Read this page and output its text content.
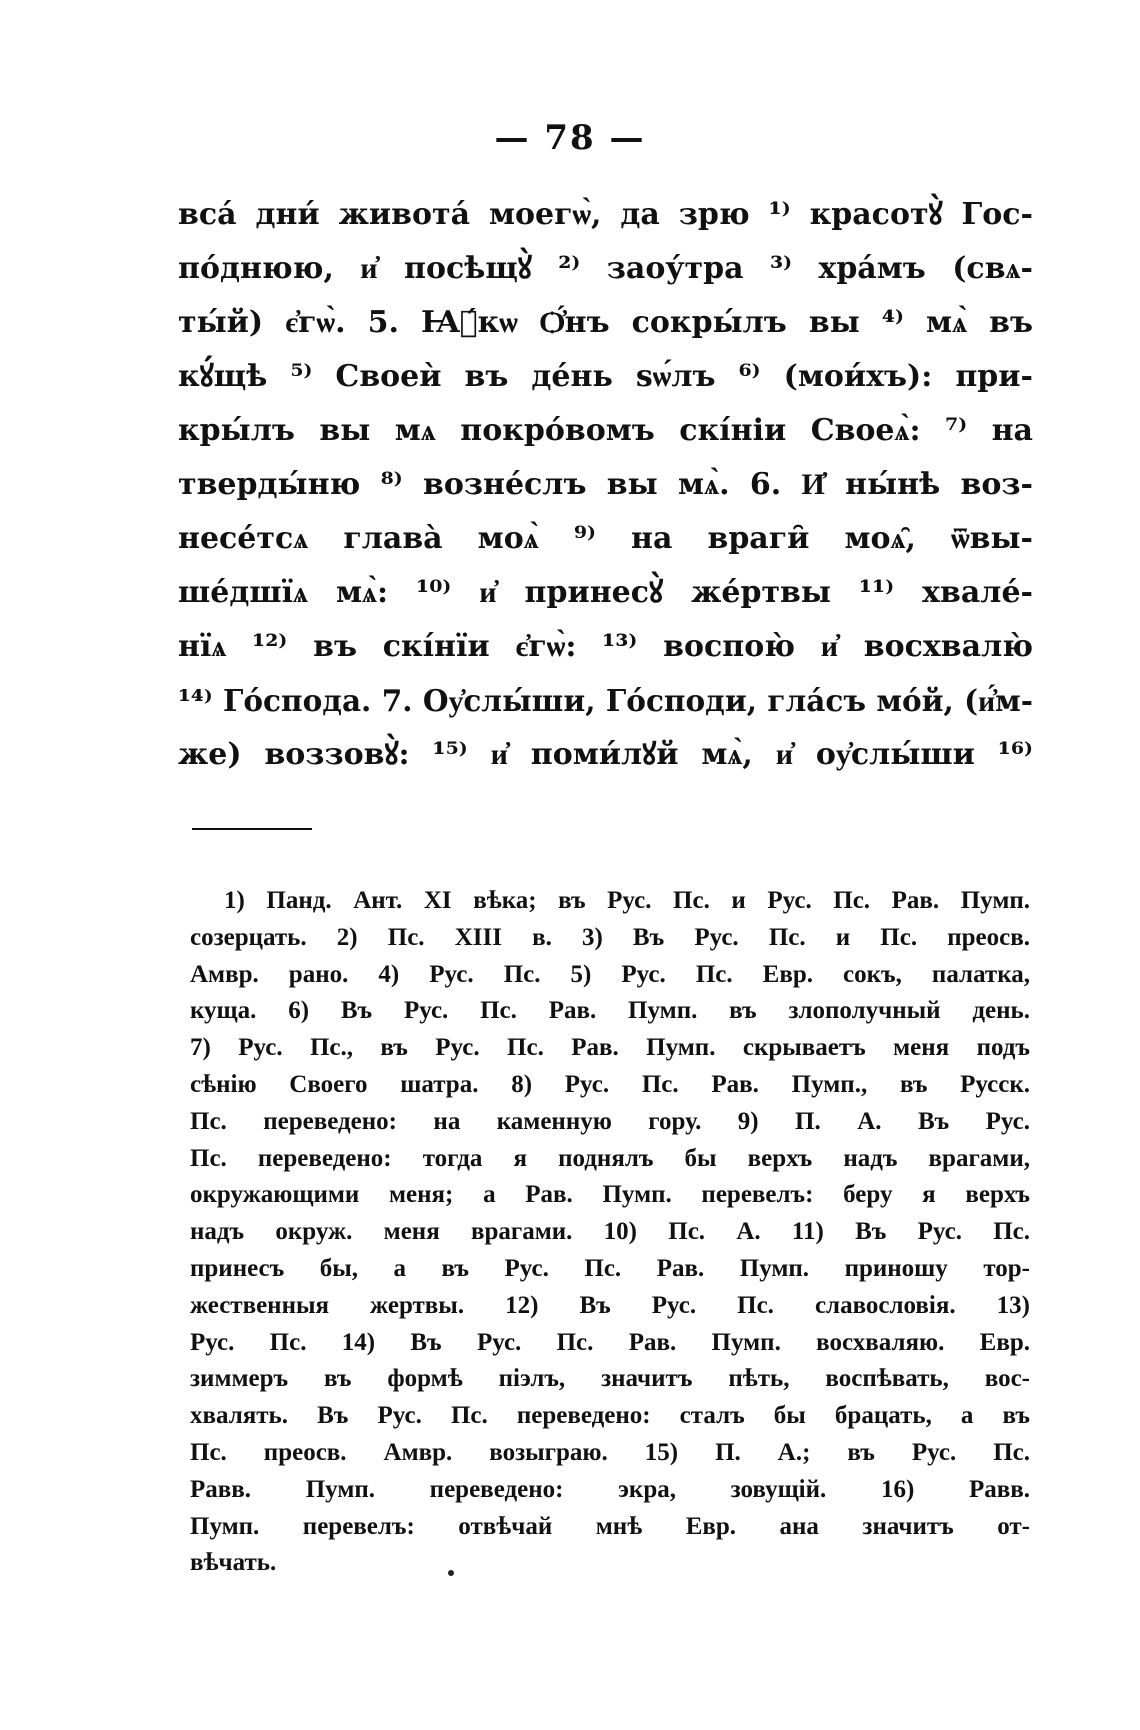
— 78 —
вса́ дни́ живота́ моегѡ̀, да зрю ¹⁾ красотꙋ̀ Гос-
по́днюю, и҆ посѣщꙋ̀ ²⁾ заоу́тра ³⁾ хра́мъ (свѧ-
ты́й) є҆гѡ̀. 5. Ꙗ҆́кѡ Ѻ҆́нъ сокры́лъ вы ⁴⁾ мѧ̀ въ
кꙋ́щѣ ⁵⁾ Своеѝ въ де́нь ѕѡ́лъ ⁶⁾ (мои́хъ): при-
кры́лъ вы мѧ покро́вомъ скі́ніи Своеѧ̀: ⁷⁾ на
тверды́ню ⁸⁾ возне́слъ вы мѧ̀. 6. И҆ ны́нѣ воз-
несе́тсѧ глава̀ моѧ̀ ⁹⁾ на враги̑ моѧ̑, ѿвы-
ше́дшїѧ мѧ̀: ¹⁰⁾ и҆ принесꙋ̀ же́ртвы ¹¹⁾ хвале́-
нїѧ ¹²⁾ въ скі́нїи є҆гѡ̀: ¹³⁾ воспою̀ и҆ восхвалю̀
¹⁴⁾ Го́спода. 7. Оу҆слы́ши, Го́споди, гла́съ мо́й, (и҆́м-
же) воззовꙋ̀: ¹⁵⁾ и҆ поми́лꙋй мѧ̀, и҆ оу҆слы́ши ¹⁶⁾
1) Панд. Ант. XI вѣка; въ Рус. Пс. и Рус. Пс. Рав. Пумп.
созерцать. 2) Пс. XIII в. 3) Въ Рус. Пс. и Пс. преосв.
Амвр. рано. 4) Рус. Пс. 5) Рус. Пс. Евр. сокъ, палатка,
куща. 6) Въ Рус. Пс. Рав. Пумп. въ злополучный день.
7) Рус. Пс., въ Рус. Пс. Рав. Пумп. скрываетъ меня подъ
сѣнію Своего шатра. 8) Рус. Пс. Рав. Пумп., въ Русск.
Пс. переведено: на каменную гору. 9) П. А. Въ Рус.
Пс. переведено: тогда я поднялъ бы верхъ надъ врагами,
окружающими меня; а Рав. Пумп. перевелъ: беру я верхъ
надъ окруж. меня врагами. 10) Пс. А. 11) Въ Рус. Пс.
принесъ бы, а въ Рус. Пс. Рав. Пумп. приношу тор-
жественныя жертвы. 12) Въ Рус. Пс. славословія. 13)
Рус. Пс. 14) Въ Рус. Пс. Рав. Пумп. восхваляю. Евр.
зиммеръ въ формѣ піэлъ, значитъ пѣть, воспѣвать, вос-
хвалять. Въ Рус. Пс. переведено: сталъ бы брацать, а въ
Пс. преосв. Амвр. возыграю. 15) П. А.; въ Рус. Пс.
Равв. Пумп. переведено: экра, зовущій. 16) Равв.
Пумп. перевелъ: отвѣчай мнѣ Евр. ана значитъ от-
вѣчать.
